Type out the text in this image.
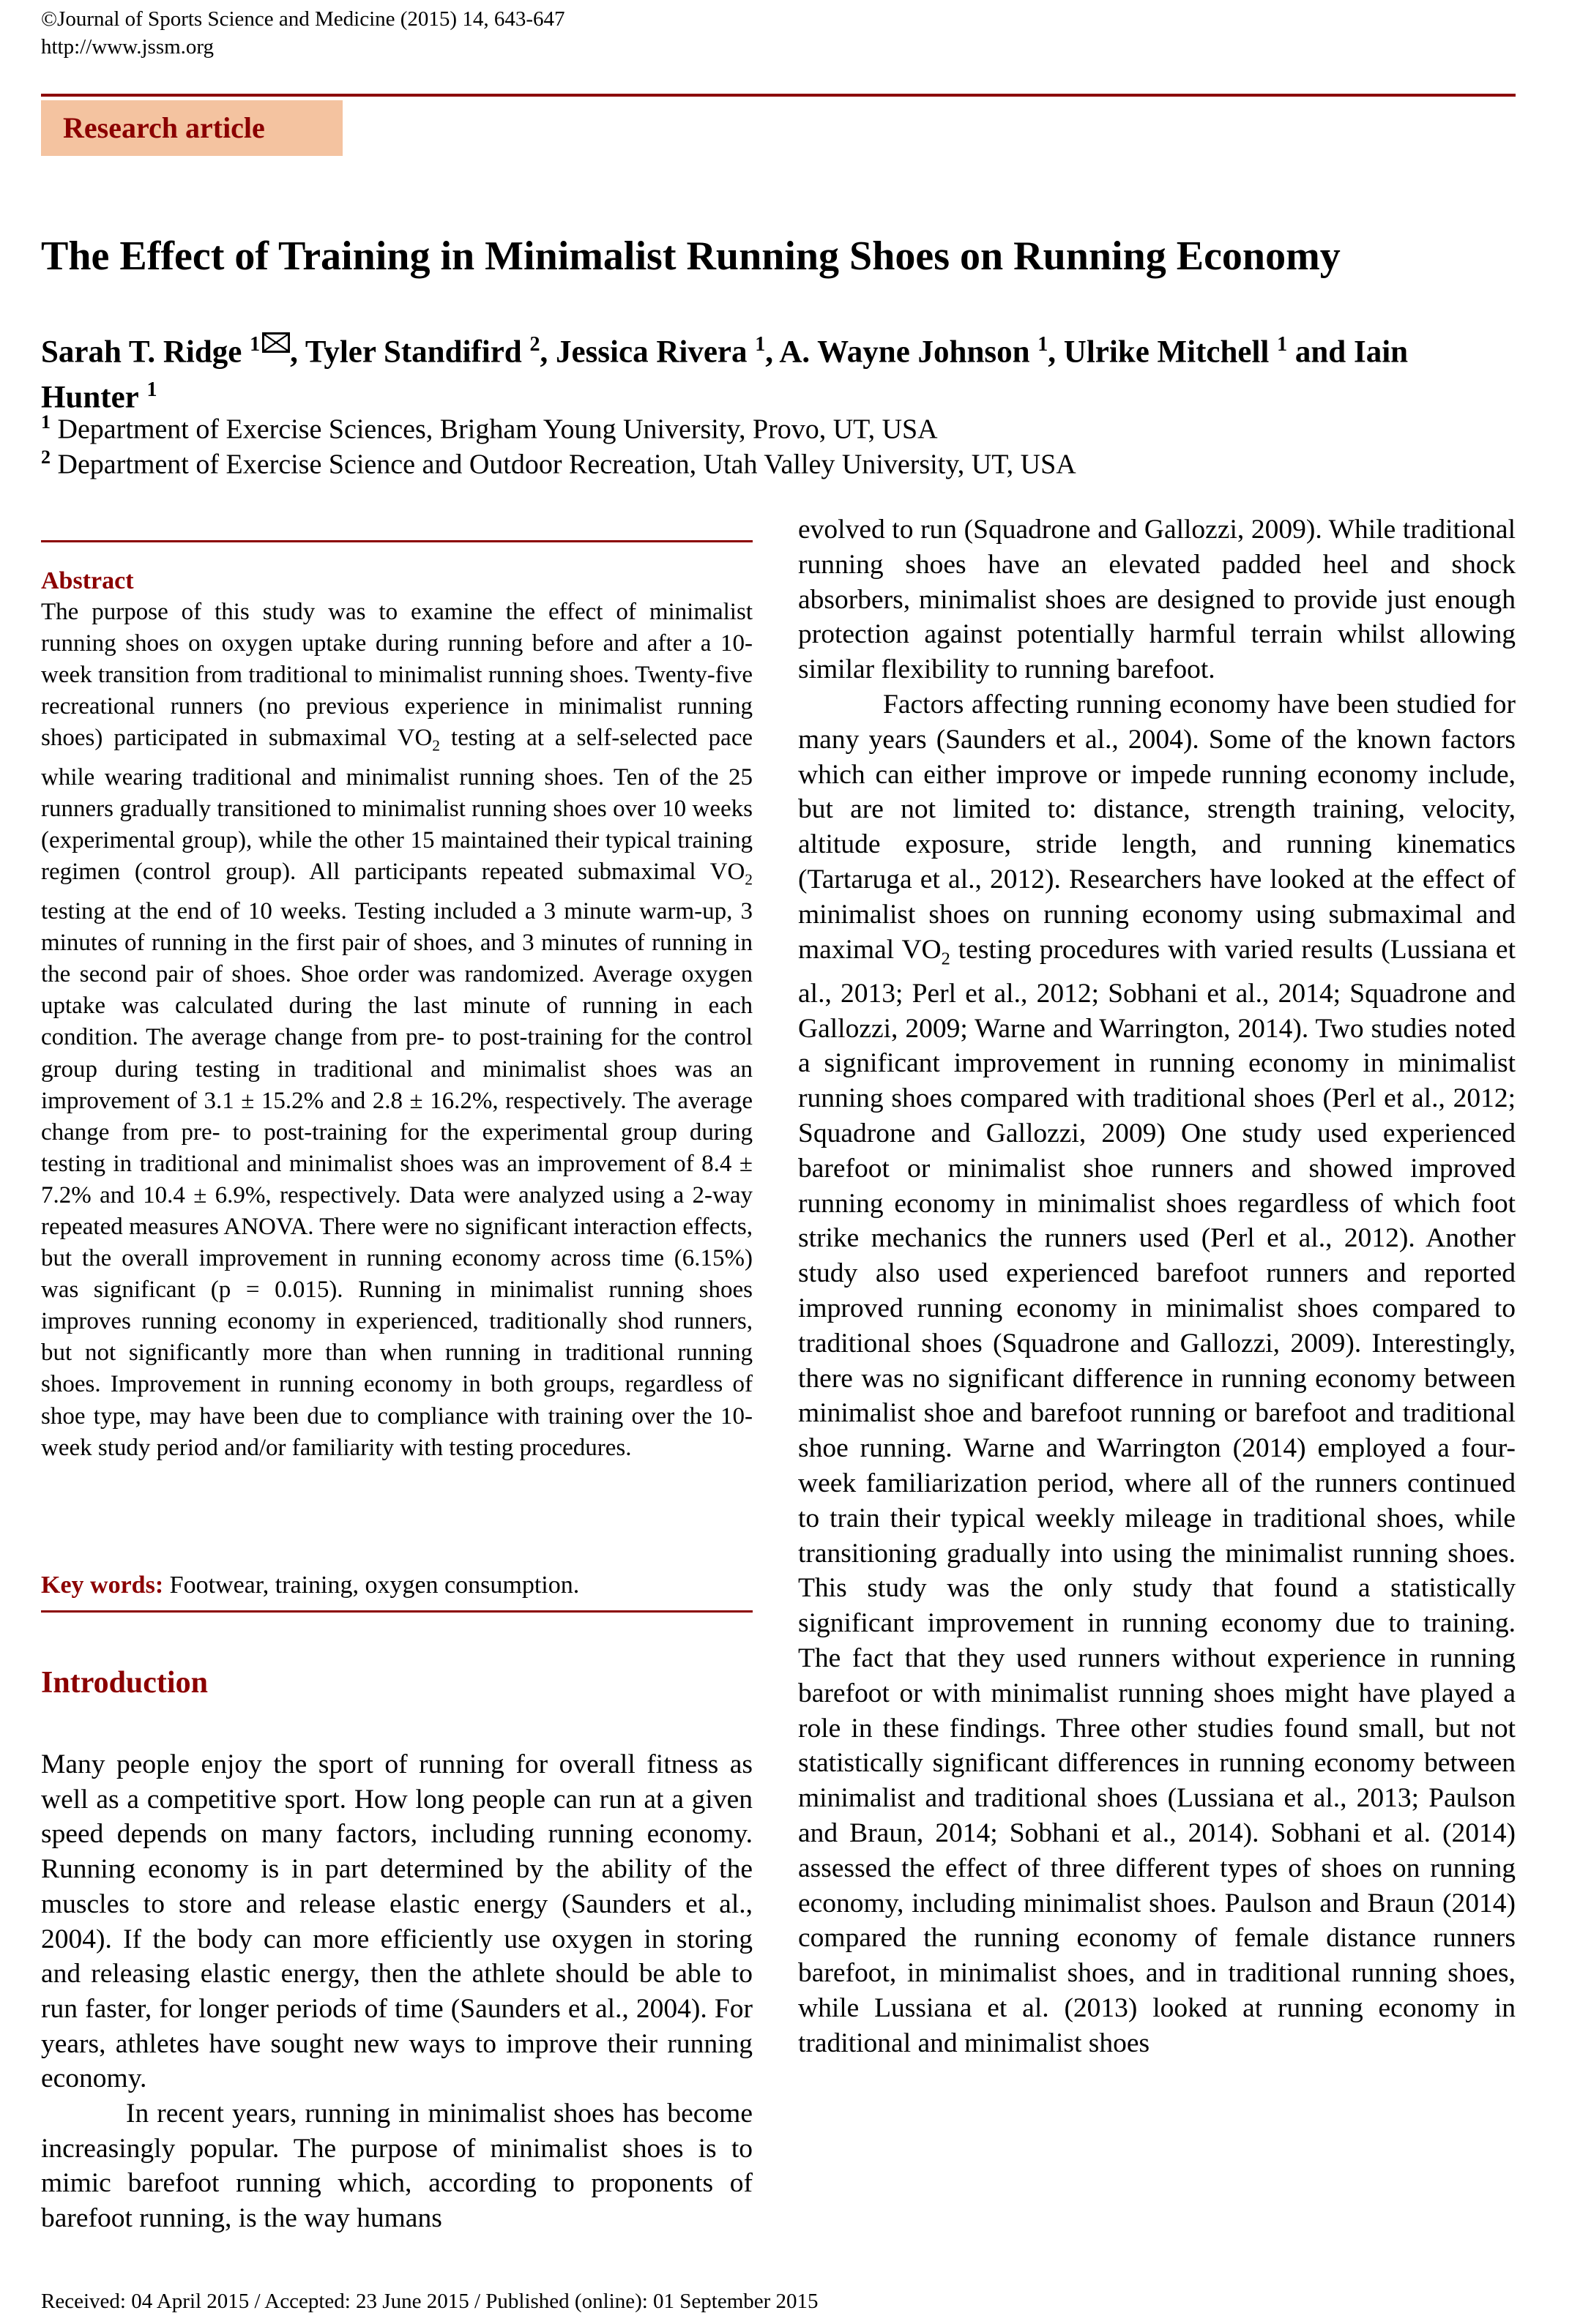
©Journal of Sports Science and Medicine (2015) 14, 643-647
http://www.jssm.org
Research article
The Effect of Training in Minimalist Running Shoes on Running Economy
Sarah T. Ridge $^1$ , Tyler Standifird $^2$, Jessica Rivera $^1$, A. Wayne Johnson $^1$, Ulrike Mitchell $^1$ and Iain Hunter $^1$
$^1$ Department of Exercise Sciences, Brigham Young University, Provo, UT, USA
$^2$ Department of Exercise Science and Outdoor Recreation, Utah Valley University, UT, USA
Abstract
The purpose of this study was to examine the effect of minimalist running shoes on oxygen uptake during running before and after a 10-week transition from traditional to minimalist running shoes. Twenty-five recreational runners (no previous experience in minimalist running shoes) participated in submaximal $VO_2$ testing at a self-selected pace while wearing traditional and minimalist running shoes. Ten of the 25 runners gradually transitioned to minimalist running shoes over 10 weeks (experimental group), while the other 15 maintained their typical training regimen (control group). All participants repeated submaximal $VO_2$ testing at the end of 10 weeks. Testing included a 3 minute warm-up, 3 minutes of running in the first pair of shoes, and 3 minutes of running in the second pair of shoes. Shoe order was randomized. Average oxygen uptake was calculated during the last minute of running in each condition. The average change from pre- to post-training for the control group during testing in traditional and minimalist shoes was an improvement of 3.1 ± 15.2% and 2.8 ± 16.2%, respectively. The average change from pre- to post-training for the experimental group during testing in traditional and minimalist shoes was an improvement of 8.4 ± 7.2% and 10.4 ± 6.9%, respectively. Data were analyzed using a 2-way repeated measures ANOVA. There were no significant interaction effects, but the overall improvement in running economy across time (6.15%) was significant (p = 0.015). Running in minimalist running shoes improves running economy in experienced, traditionally shod runners, but not significantly more than when running in traditional running shoes. Improvement in running economy in both groups, regardless of shoe type, may have been due to compliance with training over the 10-week study period and/or familiarity with testing procedures.
Key words: Footwear, training, oxygen consumption.
Introduction

Many people enjoy the sport of running for overall fitness as well as a competitive sport. How long people can run at a given speed depends on many factors, including running economy. Running economy is in part determined by the ability of the muscles to store and release elastic energy (Saunders et al., 2004). If the body can more efficiently use oxygen in storing and releasing elastic energy, then the athlete should be able to run faster, for longer periods of time (Saunders et al., 2004). For years, athletes have sought new ways to improve their running economy.

In recent years, running in minimalist shoes has become increasingly popular. The purpose of minimalist shoes is to mimic barefoot running which, according to proponents of barefoot running, is the way humans

evolved to run (Squadrone and Gallozzi, 2009). While traditional running shoes have an elevated padded heel and shock absorbers, minimalist shoes are designed to provide just enough protection against potentially harmful terrain whilst allowing similar flexibility to running barefoot.

Factors affecting running economy have been studied for many years (Saunders et al., 2004). Some of the known factors which can either improve or impede running economy include, but are not limited to: distance, strength training, velocity, altitude exposure, stride length, and running kinematics (Tartaruga et al., 2012). Researchers have looked at the effect of minimalist shoes on running economy using submaximal and maximal $VO_2$ testing procedures with varied results (Lussiana et al., 2013; Perl et al., 2012; Sobhani et al., 2014; Squadrone and Gallozzi, 2009; Warne and Warrington, 2014). Two studies noted a significant improvement in running economy in minimalist running shoes compared with traditional shoes (Perl et al., 2012; Squadrone and Gallozzi, 2009) One study used experienced barefoot or minimalist shoe runners and showed improved running economy in minimalist shoes regardless of which foot strike mechanics the runners used (Perl et al., 2012). Another study also used experienced barefoot runners and reported improved running economy in minimalist shoes compared to traditional shoes (Squadrone and Gallozzi, 2009). Interestingly, there was no significant difference in running economy between minimalist shoe and barefoot running or barefoot and traditional shoe running. Warne and Warrington (2014) employed a four-week familiarization period, where all of the runners continued to train their typical weekly mileage in traditional shoes, while transitioning gradually into using the minimalist running shoes. This study was the only study that found a statistically significant improvement in running economy due to training. The fact that they used runners without experience in running barefoot or with minimalist running shoes might have played a role in these findings. Three other studies found small, but not statistically significant differences in running economy between minimalist and traditional shoes (Lussiana et al., 2013; Paulson and Braun, 2014; Sobhani et al., 2014). Sobhani et al. (2014) assessed the effect of three different types of shoes on running economy, including minimalist shoes. Paulson and Braun (2014) compared the running economy of female distance runners barefoot, in minimalist shoes, and in traditional running shoes, while Lussiana et al. (2013) looked at running economy in traditional and minimalist shoes

Received: 04 April 2015 / Accepted: 23 June 2015 / Published (online): 01 September 2015
